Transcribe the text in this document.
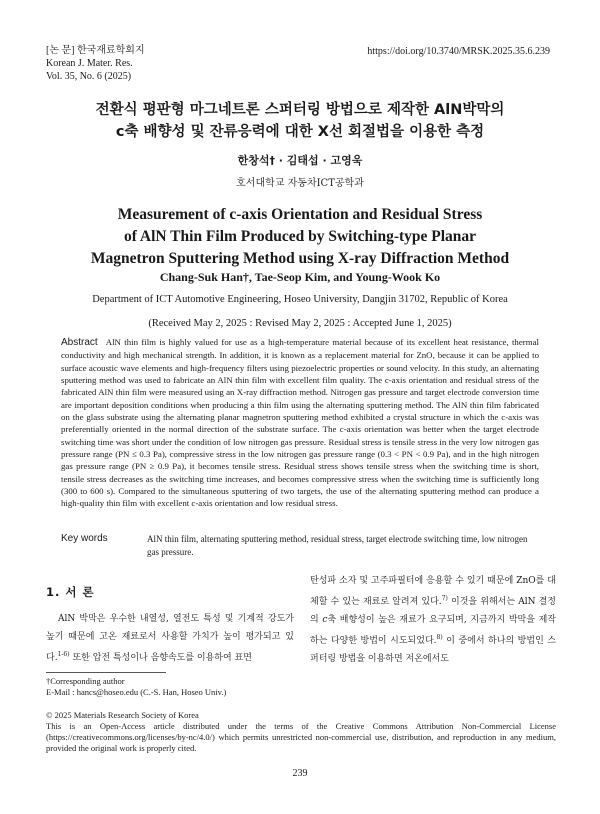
[논 문] 한국재료학회지
Korean J. Mater. Res.
Vol. 35, No. 6 (2025)
https://doi.org/10.3740/MRSK.2025.35.6.239
전환식 평판형 마그네트론 스퍼터링 방법으로 제작한 AlN박막의
c축 배향성 및 잔류응력에 대한 X선 회절법을 이용한 측정
한창석† · 김태섭 · 고영욱
호서대학교 자동차ICT공학과
Measurement of c-axis Orientation and Residual Stress
of AlN Thin Film Produced by Switching-type Planar
Magnetron Sputtering Method using X-ray Diffraction Method
Chang-Suk Han†, Tae-Seop Kim, and Young-Wook Ko
Department of ICT Automotive Engineering, Hoseo University, Dangjin 31702, Republic of Korea
(Received May 2, 2025 : Revised May 2, 2025 : Accepted June 1, 2025)
Abstract AlN thin film is highly valued for use as a high-temperature material because of its excellent heat resistance, thermal conductivity and high mechanical strength. In addition, it is known as a replacement material for ZnO, because it can be applied to surface acoustic wave elements and high-frequency filters using piezoelectric properties or sound velocity. In this study, an alternating sputtering method was used to fabricate an AlN thin film with excellent film quality. The c-axis orientation and residual stress of the fabricated AlN thin film were measured using an X-ray diffraction method. Nitrogen gas pressure and target electrode conversion time are important deposition conditions when producing a thin film using the alternating sputtering method. The AlN thin film fabricated on the glass substrate using the alternating planar magnetron sputtering method exhibited a crystal structure in which the c-axis was preferentially oriented in the normal direction of the substrate surface. The c-axis orientation was better when the target electrode switching time was short under the condition of low nitrogen gas pressure. Residual stress is tensile stress in the very low nitrogen gas pressure range (PN ≤ 0.3 Pa), compressive stress in the low nitrogen gas pressure range (0.3 < PN < 0.9 Pa), and in the high nitrogen gas pressure range (PN ≥ 0.9 Pa), it becomes tensile stress. Residual stress shows tensile stress when the switching time is short, tensile stress decreases as the switching time increases, and becomes compressive stress when the switching time is sufficiently long (300 to 600 s). Compared to the simultaneous sputtering of two targets, the use of the alternating sputtering method can produce a high-quality thin film with excellent c-axis orientation and low residual stress.
Key words	AlN thin film, alternating sputtering method, residual stress, target electrode switching time, low nitrogen gas pressure.
1. 서 론
AlN 박막은 우수한 내열성, 열전도 특성 및 기계적 강도가 높기 때문에 고온 재료로서 사용할 가치가 높이 평가되고 있다.$^{1-6)}$ 또한 압전 특성이나 음향속도를 이용하여 표면
탄성파 소자 및 고주파필터에 응용할 수 있기 때문에 ZnO를 대체할 수 있는 재료로 알려져 있다.$^{7)}$ 이것을 위해서는 AlN 결정의 c축 배향성이 높은 재료가 요구되며, 지금까지 박막을 제작하는 다양한 방법이 시도되었다.$^{8)}$ 이 중에서 하나의 방법인 스퍼터링 방법을 이용하면 저온에서도
†Corresponding author
E-Mail : hancs@hoseo.edu (C.-S. Han, Hoseo Univ.)
© 2025 Materials Research Society of Korea
This is an Open-Access article distributed under the terms of the Creative Commons Attribution Non-Commercial License (https://creativecommons.org/licenses/by-nc/4.0/) which permits unrestricted non-commercial use, distribution, and reproduction in any medium, provided the original work is properly cited.
239
